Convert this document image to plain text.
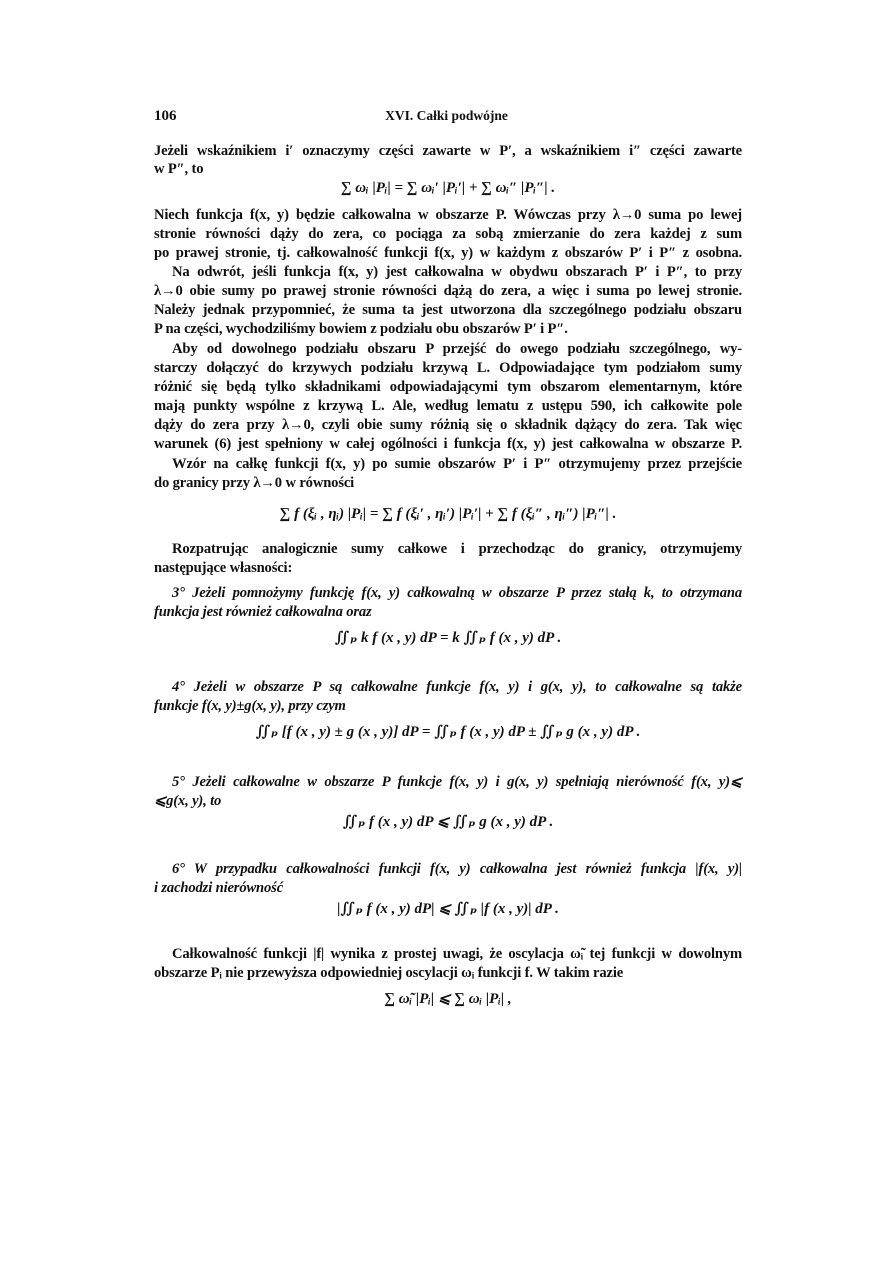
106	XVI. Całki podwójne
Jeżeli wskaźnikiem i′ oznaczymy części zawarte w P′, a wskaźnikiem i″ części zawarte
w P″, to
∑ ωᵢ |Pᵢ| = ∑ ωᵢ′ |Pᵢ′| + ∑ ωᵢ″ |Pᵢ″| .
Niech funkcja f(x, y) będzie całkowalna w obszarze P. Wówczas przy λ→0 suma po lewej
stronie równości dąży do zera, co pociąga za sobą zmierzanie do zera każdej z sum
po prawej stronie, tj. całkowalność funkcji f(x, y) w każdym z obszarów P′ i P″ z osobna.
Na odwrót, jeśli funkcja f(x, y) jest całkowalna w obydwu obszarach P′ i P″, to przy
λ→0 obie sumy po prawej stronie równości dążą do zera, a więc i suma po lewej stronie.
Należy jednak przypomnieć, że suma ta jest utworzona dla szczególnego podziału obszaru
P na części, wychodziliśmy bowiem z podziału obu obszarów P′ i P″.
Aby od dowolnego podziału obszaru P przejść do owego podziału szczególnego, wy-
starczy dołączyć do krzywych podziału krzywą L. Odpowiadające tym podziałom sumy
różnić się będą tylko składnikami odpowiadającymi tym obszarom elementarnym, które
mają punkty wspólne z krzywą L. Ale, według lematu z ustępu 590, ich całkowite pole
dąży do zera przy λ→0, czyli obie sumy różnią się o składnik dążący do zera. Tak więc
warunek (6) jest spełniony w całej ogólności i funkcja f(x, y) jest całkowalna w obszarze P.
Wzór na całkę funkcji f(x, y) po sumie obszarów P′ i P″ otrzymujemy przez przejście
do granicy przy λ→0 w równości
∑ f (ξᵢ , ηᵢ) |Pᵢ| = ∑ f (ξᵢ′ , ηᵢ′) |Pᵢ′| + ∑ f (ξᵢ″ , ηᵢ″) |Pᵢ″| .
Rozpatrując analogicznie sumy całkowe i przechodząc do granicy, otrzymujemy
następujące własności:
3° Jeżeli pomnożymy funkcję f(x, y) całkowalną w obszarze P przez stałą k, to otrzymana
funkcja jest również całkowalna oraz
∬ₚ k f (x , y) dP = k ∬ₚ f (x , y) dP .
4° Jeżeli w obszarze P są całkowalne funkcje f(x, y) i g(x, y), to całkowalne są także
funkcje f(x, y)±g(x, y), przy czym
∬ₚ [f (x , y) ± g (x , y)] dP = ∬ₚ f (x , y) dP ± ∬ₚ g (x , y) dP .
5° Jeżeli całkowalne w obszarze P funkcje f(x, y) i g(x, y) spełniają nierówność f(x, y)⩽
⩽g(x, y), to
∬ₚ f (x , y) dP ⩽ ∬ₚ g (x , y) dP .
6° W przypadku całkowalności funkcji f(x, y) całkowalna jest również funkcja |f(x, y)|
i zachodzi nierówność
|∬ₚ f (x , y) dP| ⩽ ∬ₚ |f (x , y)| dP .
Całkowalność funkcji |f| wynika z prostej uwagi, że oscylacja ω̃ᵢ tej funkcji w dowolnym
obszarze Pᵢ nie przewyższa odpowiedniej oscylacji ωᵢ funkcji f. W takim razie
∑ ω̃ᵢ |Pᵢ| ⩽ ∑ ωᵢ |Pᵢ| ,
